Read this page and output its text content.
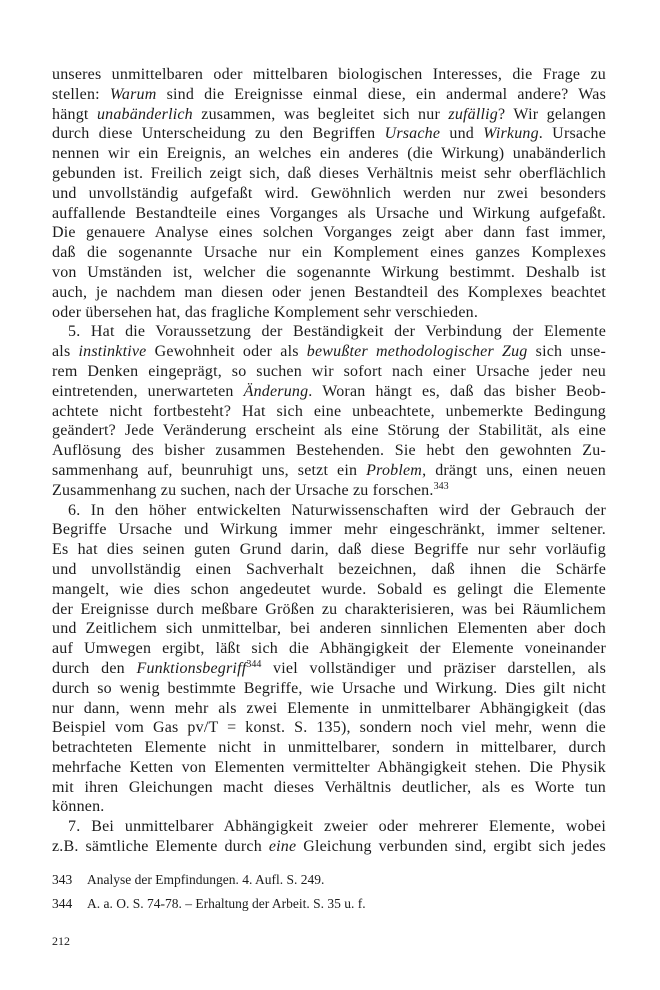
unseres unmittelbaren oder mittelbaren biologischen Interesses, die Frage zu
stellen: Warum sind die Ereignisse einmal diese, ein andermal andere? Was
hängt unabänderlich zusammen, was begleitet sich nur zufällig? Wir gelangen
durch diese Unterscheidung zu den Begriffen Ursache und Wirkung. Ursache
nennen wir ein Ereignis, an welches ein anderes (die Wirkung) unabänderlich
gebunden ist. Freilich zeigt sich, daß dieses Verhältnis meist sehr oberflächlich
und unvollständig aufgefaßt wird. Gewöhnlich werden nur zwei besonders
auffallende Bestandteile eines Vorganges als Ursache und Wirkung aufgefaßt.
Die genauere Analyse eines solchen Vorganges zeigt aber dann fast immer,
daß die sogenannte Ursache nur ein Komplement eines ganzes Komplexes
von Umständen ist, welcher die sogenannte Wirkung bestimmt. Deshalb ist
auch, je nachdem man diesen oder jenen Bestandteil des Komplexes beachtet
oder übersehen hat, das fragliche Komplement sehr verschieden.
5. Hat die Voraussetzung der Beständigkeit der Verbindung der Elemente
als instinktive Gewohnheit oder als bewußter methodologischer Zug sich unse-
rem Denken eingeprägt, so suchen wir sofort nach einer Ursache jeder neu
eintretenden, unerwarteten Änderung. Woran hängt es, daß das bisher Beob-
achtete nicht fortbesteht? Hat sich eine unbeachtete, unbemerkte Bedingung
geändert? Jede Veränderung erscheint als eine Störung der Stabilität, als eine
Auflösung des bisher zusammen Bestehenden. Sie hebt den gewohnten Zu-
sammenhang auf, beunruhigt uns, setzt ein Problem, drängt uns, einen neuen
Zusammenhang zu suchen, nach der Ursache zu forschen.$^{343}$
6. In den höher entwickelten Naturwissenschaften wird der Gebrauch der
Begriffe Ursache und Wirkung immer mehr eingeschränkt, immer seltener.
Es hat dies seinen guten Grund darin, daß diese Begriffe nur sehr vorläufig
und unvollständig einen Sachverhalt bezeichnen, daß ihnen die Schärfe
mangelt, wie dies schon angedeutet wurde. Sobald es gelingt die Elemente
der Ereignisse durch meßbare Größen zu charakterisieren, was bei Räumlichem
und Zeitlichem sich unmittelbar, bei anderen sinnlichen Elementen aber doch
auf Umwegen ergibt, läßt sich die Abhängigkeit der Elemente voneinander
durch den Funktionsbegriff$^{344}$ viel vollständiger und präziser darstellen, als
durch so wenig bestimmte Begriffe, wie Ursache und Wirkung. Dies gilt nicht
nur dann, wenn mehr als zwei Elemente in unmittelbarer Abhängigkeit (das
Beispiel vom Gas pv/T = konst. S. 135), sondern noch viel mehr, wenn die
betrachteten Elemente nicht in unmittelbarer, sondern in mittelbarer, durch
mehrfache Ketten von Elementen vermittelter Abhängigkeit stehen. Die Physik
mit ihren Gleichungen macht dieses Verhältnis deutlicher, als es Worte tun
können.
7. Bei unmittelbarer Abhängigkeit zweier oder mehrerer Elemente, wobei
z.B. sämtliche Elemente durch eine Gleichung verbunden sind, ergibt sich jedes
343 Analyse der Empfindungen. 4. Aufl. S. 249.
344 A. a. O. S. 74-78. – Erhaltung der Arbeit. S. 35 u. f.
212
